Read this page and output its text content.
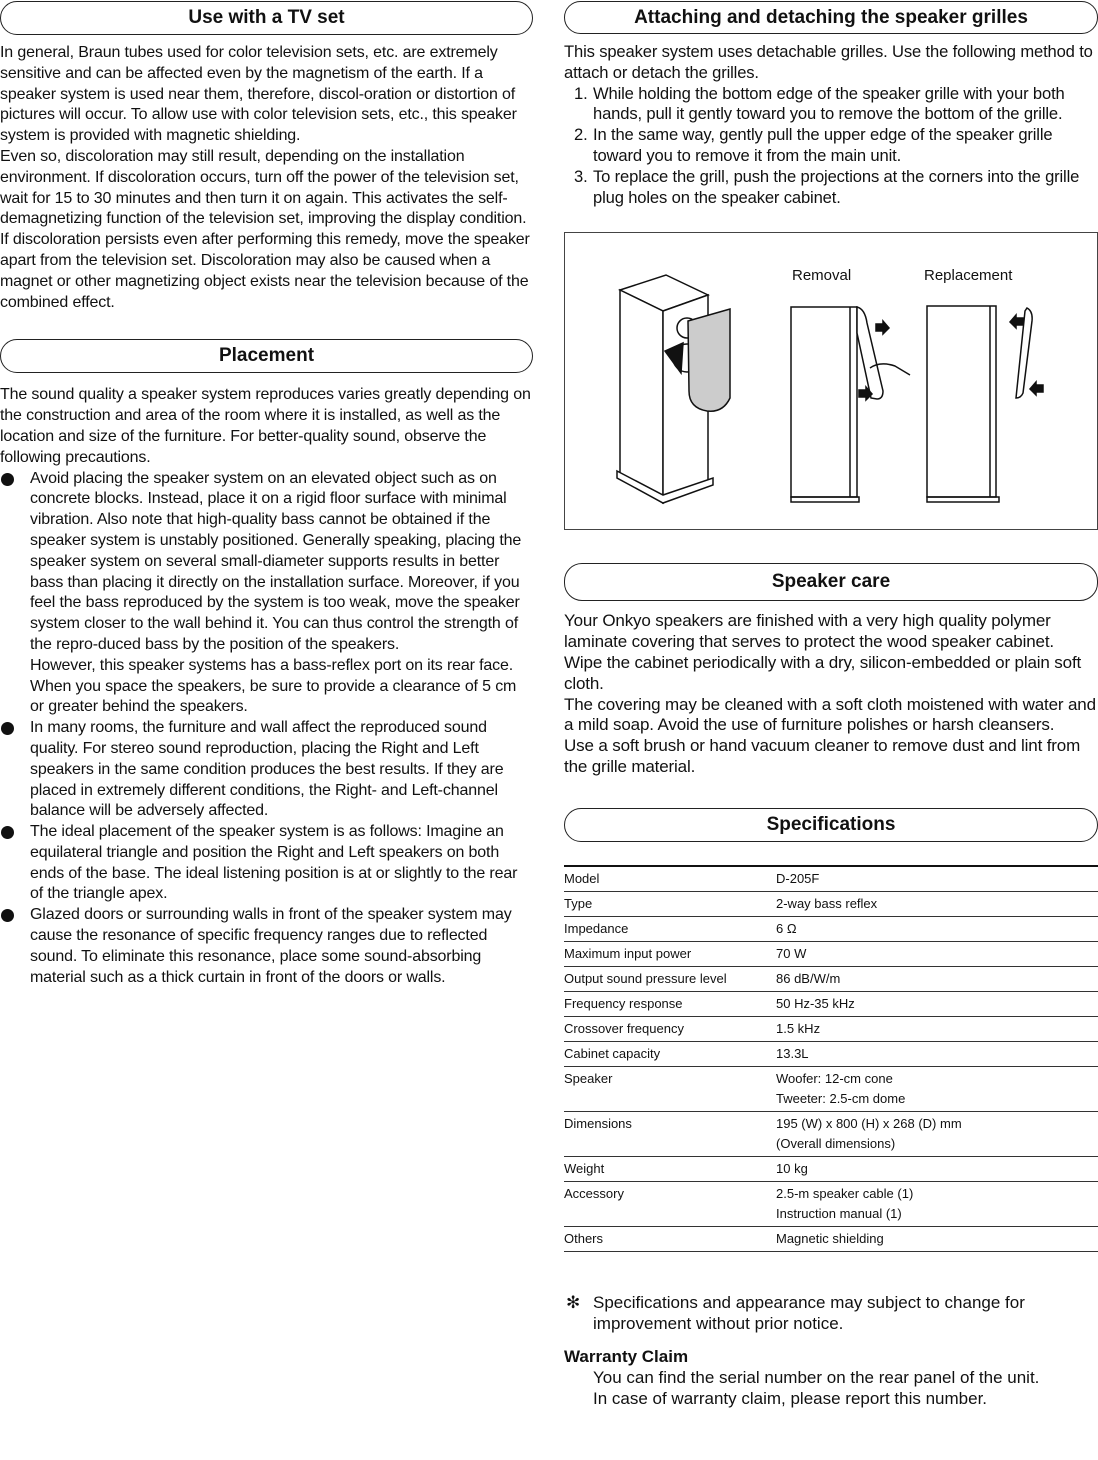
Use with a TV set

In general, Braun tubes used for color television sets, etc. are extremely sensitive and can be affected even by the magnetism of the earth. If a speaker system is used near them, therefore, discol-oration or distortion of pictures will occur. To allow use with color television sets, etc., this speaker system is provided with magnetic shielding.

Even so, discoloration may still result, depending on the installation environment. If discoloration occurs, turn off the power of the television set, wait for 15 to 30 minutes and then turn it on again. This activates the self-demagnetizing function of the television set, improving the display condition. If discoloration persists even after performing this remedy, move the speaker apart from the television set. Discoloration may also be caused when a magnet or other magnetizing object exists near the television because of the combined effect.

Placement

The sound quality a speaker system reproduces varies greatly depending on the construction and area of the room where it is installed, as well as the location and size of the furniture. For better-quality sound, observe the following precautions.

Avoid placing the speaker system on an elevated object such as on concrete blocks. Instead, place it on a rigid floor surface with minimal vibration. Also note that high-quality bass cannot be obtained if the speaker system is unstably positioned. Generally speaking, placing the speaker system on several small-diameter supports results in better bass than placing it directly on the installation surface. Moreover, if you feel the bass reproduced by the system is too weak, move the speaker system closer to the wall behind it. You can thus control the strength of the repro-duced bass by the position of the speakers.

However, this speaker systems has a bass-reflex port on its rear face. When you space the speakers, be sure to provide a clearance of 5 cm or greater behind the speakers.

In many rooms, the furniture and wall affect the reproduced sound quality. For stereo sound reproduction, placing the Right and Left speakers in the same condition produces the best results. If they are placed in extremely different conditions, the Right- and Left-channel balance will be adversely affected.

The ideal placement of the speaker system is as follows: Imagine an equilateral triangle and position the Right and Left speakers on both ends of the base. The ideal listening position is at or slightly to the rear of the triangle apex.

Glazed doors or surrounding walls in front of the speaker system may cause the resonance of specific frequency ranges due to reflected sound. To eliminate this resonance, place some sound-absorbing material such as a thick curtain in front of the doors or walls.

Attaching and detaching the speaker grilles

This speaker system uses detachable grilles. Use the following method to attach or detach the grilles.

1. While holding the bottom edge of the speaker grille with your both hands, pull it gently toward you to remove the bottom of the grille.
2. In the same way, gently pull the upper edge of the speaker grille toward you to remove it from the main unit.
3. To replace the grill, push the projections at the corners into the grille plug holes on the speaker cabinet.
Removal	Replacement
Speaker care

Your Onkyo speakers are finished with a very high quality polymer laminate covering that serves to protect the wood speaker cabinet.

Wipe the cabinet periodically with a dry, silicon-embedded or plain soft cloth.

The covering may be cleaned with a soft cloth moistened with water and a mild soap. Avoid the use of furniture polishes or harsh cleansers.

Use a soft brush or hand vacuum cleaner to remove dust and lint from the grille material.

Specifications
Model	D-205F

Type	2-way bass reflex

Impedance	6 Ω

Maximum input power	70 W

Output sound pressure level	86 dB/W/m

Frequency response	50 Hz-35 kHz

Crossover frequency	1.5 kHz

Cabinet capacity	13.3L

Speaker	Woofer: 12-cm cone
Tweeter: 2.5-cm dome

Dimensions	195 (W) x 800 (H) x 268 (D) mm
(Overall dimensions)

Weight	10 kg

Accessory	2.5-m speaker cable (1)
Instruction manual (1)

Others	Magnetic shielding
✻ Specifications and appearance may subject to change for improvement without prior notice.

Warranty Claim

You can find the serial number on the rear panel of the unit.

In case of warranty claim, please report this number.
